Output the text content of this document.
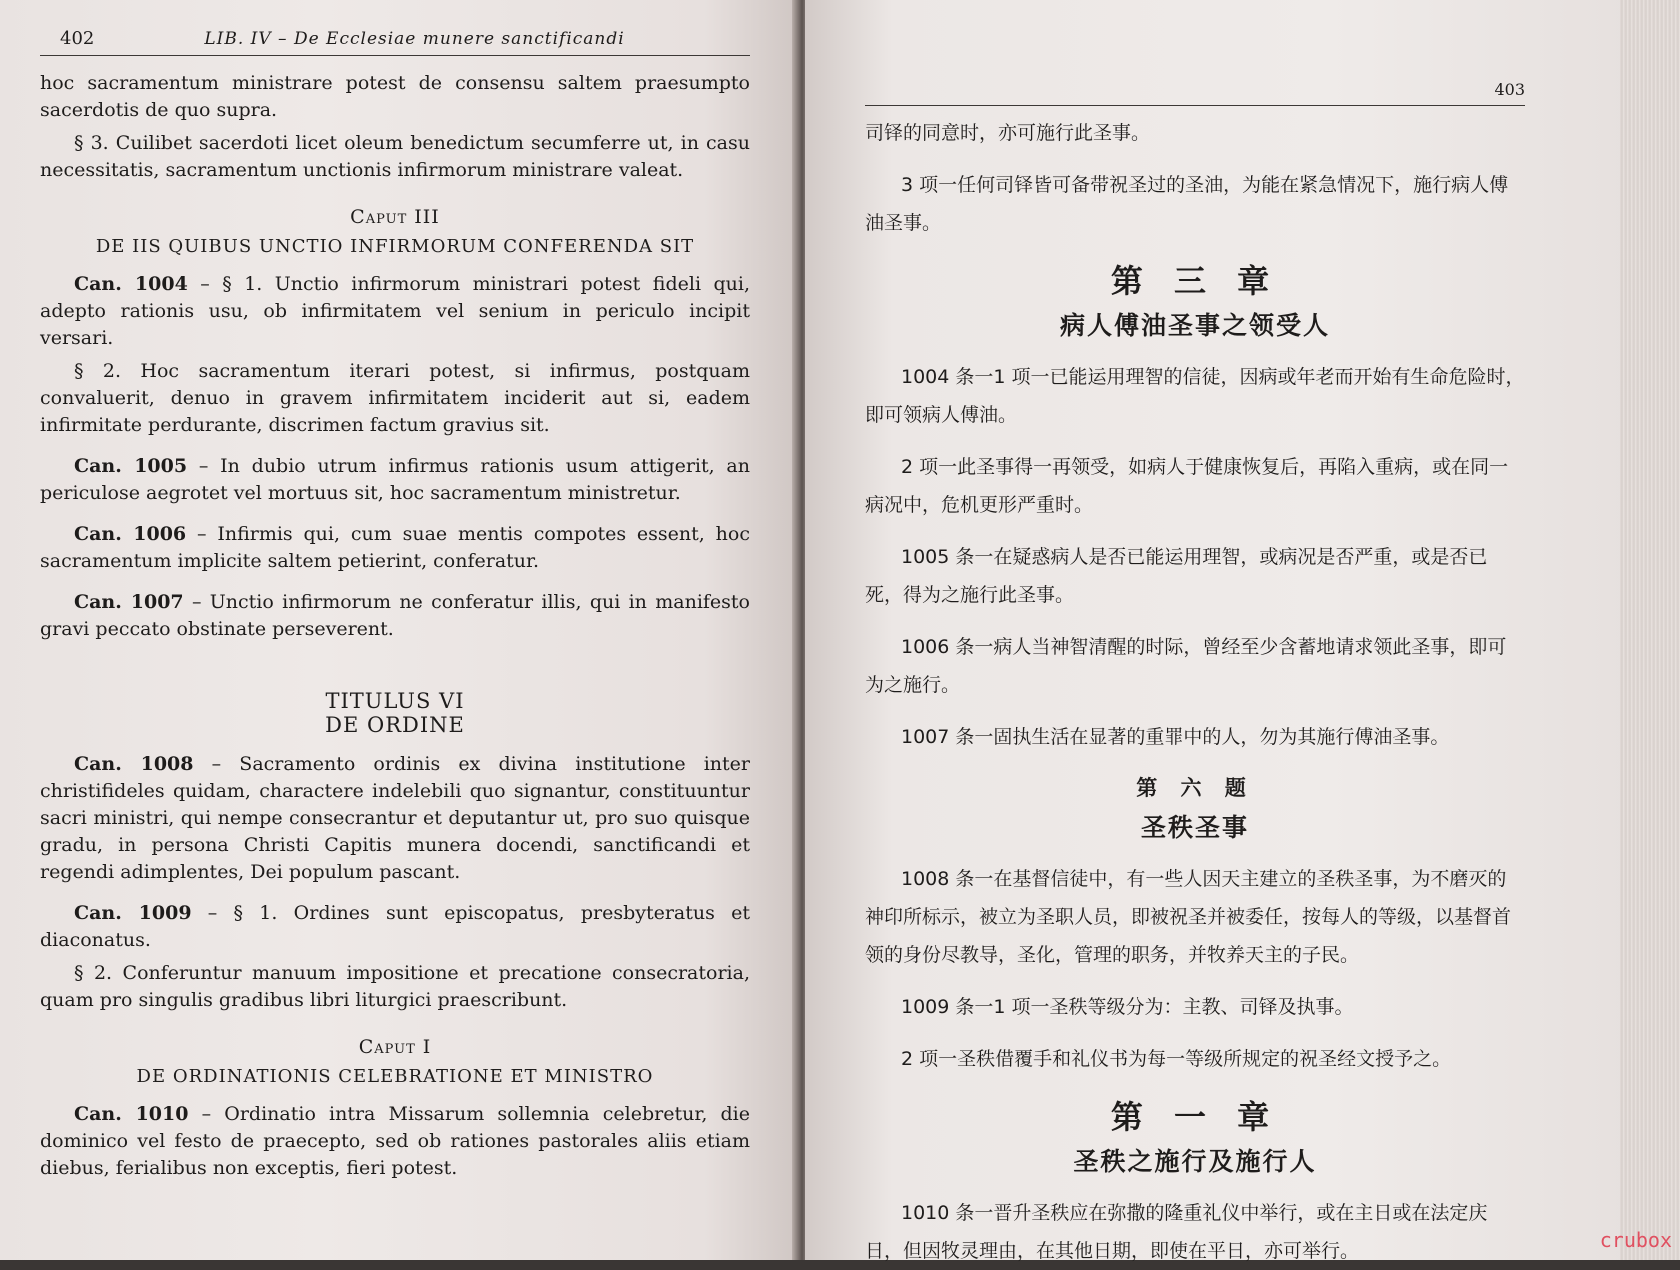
402	LIB. IV – De Ecclesiae munere sanctificandi

hoc sacramentum ministrare potest de consensu saltem praesumpto sacerdotis de quo supra.

§ 3. Cuilibet sacerdoti licet oleum benedictum secumferre ut, in casu necessitatis, sacramentum unctionis infirmorum ministrare valeat.

Caput III
DE IIS QUIBUS UNCTIO INFIRMORUM CONFERENDA SIT

Can. 1004 – § 1. Unctio infirmorum ministrari potest fideli qui, adepto rationis usu, ob infirmitatem vel senium in periculo incipit versari.

§ 2. Hoc sacramentum iterari potest, si infirmus, postquam convaluerit, denuo in gravem infirmitatem inciderit aut si, eadem infirmitate perdurante, discrimen factum gravius sit.

Can. 1005 – In dubio utrum infirmus rationis usum attigerit, an periculose aegrotet vel mortuus sit, hoc sacramentum ministretur.

Can. 1006 – Infirmis qui, cum suae mentis compotes essent, hoc sacramentum implicite saltem petierint, conferatur.

Can. 1007 – Unctio infirmorum ne conferatur illis, qui in manifesto gravi peccato obstinate perseverent.

TITULUS VI
DE ORDINE

Can. 1008 – Sacramento ordinis ex divina institutione inter christifideles quidam, charactere indelebili quo signantur, constituuntur sacri ministri, qui nempe consecrantur et deputantur ut, pro suo quisque gradu, in persona Christi Capitis munera docendi, sanctificandi et regendi adimplentes, Dei populum pascant.

Can. 1009 – § 1. Ordines sunt episcopatus, presbyteratus et diaconatus.

§ 2. Conferuntur manuum impositione et precatione consecratoria, quam pro singulis gradibus libri liturgici praescribunt.

Caput I
DE ORDINATIONIS CELEBRATIONE ET MINISTRO

Can. 1010 – Ordinatio intra Missarum sollemnia celebretur, die dominico vel festo de praecepto, sed ob rationes pastorales aliis etiam diebus, ferialibus non exceptis, fieri potest.

403

司铎的同意时，亦可施行此圣事。

3 项一任何司铎皆可备带祝圣过的圣油，为能在紧急情况下，施行病人傅油圣事。

第 三 章
病人傅油圣事之领受人

1004 条一1 项一已能运用理智的信徒，因病或年老而开始有生命危险时，即可领病人傅油。

2 项一此圣事得一再领受，如病人于健康恢复后，再陷入重病，或在同一病况中，危机更形严重时。

1005 条一在疑惑病人是否已能运用理智，或病况是否严重，或是否已死，得为之施行此圣事。

1006 条一病人当神智清醒的时际，曾经至少含蓄地请求领此圣事，即可为之施行。

1007 条一固执生活在显著的重罪中的人，勿为其施行傅油圣事。

第 六 题
圣秩圣事

1008 条一在基督信徒中，有一些人因天主建立的圣秩圣事，为不磨灭的神印所标示，被立为圣职人员，即被祝圣并被委任，按每人的等级，以基督首领的身份尽教导，圣化，管理的职务，并牧养天主的子民。

1009 条一1 项一圣秩等级分为：主教、司铎及执事。

2 项一圣秩借覆手和礼仪书为每一等级所规定的祝圣经文授予之。

第 一 章
圣秩之施行及施行人

1010 条一晋升圣秩应在弥撒的隆重礼仪中举行，或在主日或在法定庆日，但因牧灵理由，在其他日期，即使在平日，亦可举行。	crubox
